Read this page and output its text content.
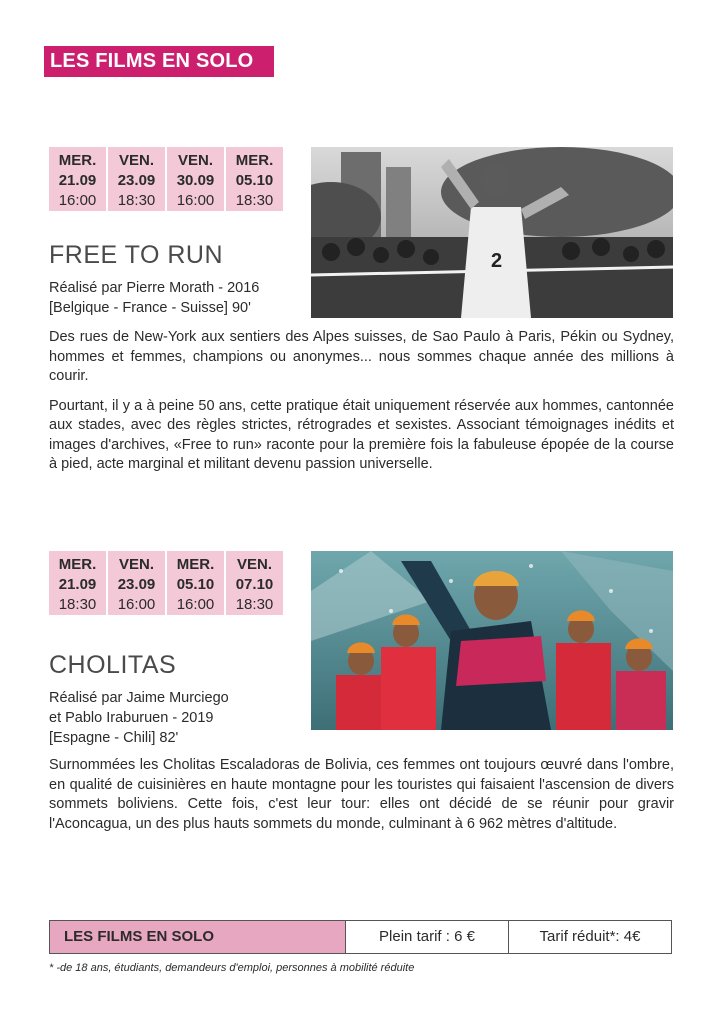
LES FILMS EN SOLO
MER.
21.09
16:00
VEN.
23.09
18:30
VEN.
30.09
16:00
MER.
05.10
18:30
2
FREE TO RUN
Réalisé par Pierre Morath - 2016
[Belgique - France - Suisse] 90'

Des rues de New-York aux sentiers des Alpes suisses, de Sao Paulo à Paris, Pékin ou Sydney, hommes et femmes, champions ou anonymes... nous sommes chaque année des millions à courir.

Pourtant, il y a à peine 50 ans, cette pratique était uniquement réservée aux hommes, cantonnée aux stades, avec des règles strictes, rétrogrades et sexistes. Associant témoignages inédits et images d'archives, «Free to run» raconte pour la première fois la fabuleuse épopée de la course à pied, acte marginal et militant devenu passion universelle.

MER.
21.09
18:30
VEN.
23.09
16:00
MER.
05.10
16:00
VEN.
07.10
18:30
CHOLITAS
Réalisé par Jaime Murciego
et Pablo Iraburuen - 2019
[Espagne - Chili] 82'

Surnommées les Cholitas Escaladoras de Bolivia, ces femmes ont toujours œuvré dans l'ombre, en qualité de cuisinières en haute montagne pour les touristes qui faisaient l'ascension de divers sommets boliviens. Cette fois, c'est leur tour: elles ont décidé de se réunir pour gravir l'Aconcagua, un des plus hauts sommets du monde, culminant à 6 962 mètres d'altitude.

LES FILMS EN SOLO	Plein tarif : 6 €	Tarif réduit*: 4€
* -de 18 ans, étudiants, demandeurs d'emploi, personnes à mobilité réduite
